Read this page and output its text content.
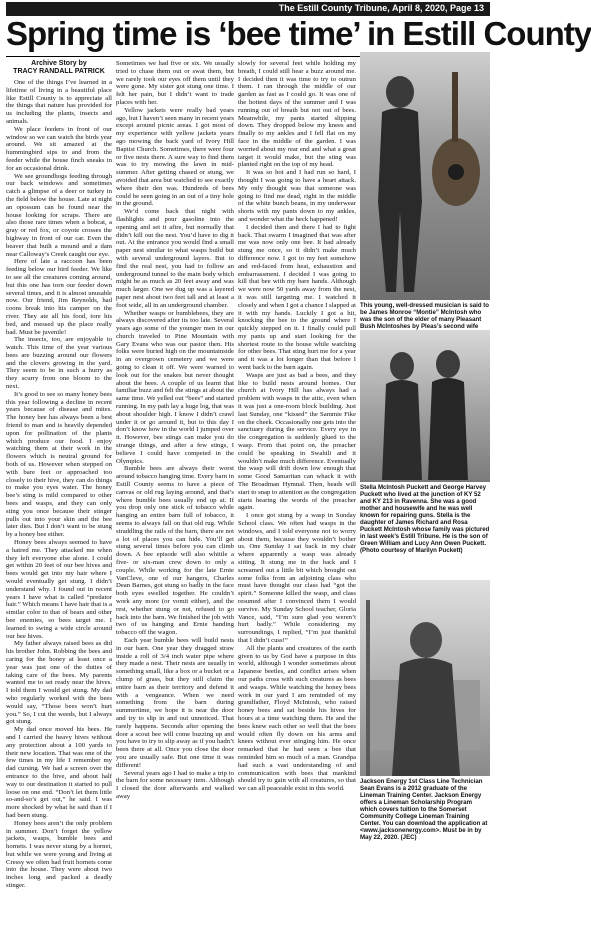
The Estill County Tribune, April 8, 2020, Page 13
Spring time is ‘bee time’ in Estill County
Archive Story by
TRACY RANDALL PATRICK

One of the things I’ve learned in a lifetime of living in a beautiful place like Estill County is to appreciate all the things that nature has provided for us including the plants, insects and animals.

We place feeders in front of our window so we can watch the birds year around. We sit amazed at the hummingbird sips to and from the feeder while the house finch sneaks in for an occasional drink.

We see groundhogs feeding through our back windows and sometimes catch a glimpse of a deer or turkey in the field below the house. Late at night an opossum can be found near the house looking for scraps. There are also those rare times when a bobcat, a gray or red fox, or coyote crosses the highway in front of our car. Even the beaver that built a mound and a dam near Calloway’s Creek caught our eye.

Here of late a raccoon has been feeding below our bird feeder. We like to see all the creatures coming around, but this one has torn our feeder down several times, and it is almost unusable now. Our friend, Jim Reynolds, had coons break into his camper on the river. They ate all his food, tore his bed, and messed up the place really bad. Must be juvenile!

The insects, too, are enjoyable to watch. This time of the year various bees are buzzing around our flowers and the clovers growing in the yard. They seem to be in such a hurry as they scurry from one bloom to the next.

It’s good to see so many honey bees this year following a decline in recent years because of disease and mites. The honey bee has always been a best friend to man and is heavily depended upon for pollination of the plants which produce our food. I enjoy watching them at their work in the flowers which is neutral ground for both of us. However when stepped on with bare feet or approached too closely to their hive, they can do things to make you eyes water. The honey bee’s sting is mild compared to other bees and wasps, and they can only sting you once because their stinger pulls out into your skin and the bee later dies. But I don’t want to be stung by a honey bee either.

Honey bees always seemed to have a hatred me. They attacked me when they left everyone else alone. I could get within 20 feet of our bee hives and bees would get into my hair where I would eventually get stung. I didn’t understand why. I found out in recent years I have what is called “predator hair.” Which means I have hair that is a similar color to that of bears and other bee enemies, so bees target me. I learned to swing a wide circle around our bee hives.

My father always raised bees as did his brother John. Robbing the bees and caring for the honey at least once a year was just one of the duties of taking care of the bees. My parents wanted me to set ready near the hives. I told them I would get stung. My dad who regularly worked with the bees would say, “Those bees won’t hurt you.” So, I cut the weeds, but I always got stung.

My dad once moved his bees. He and I carried the heavy hives without any protection about a 100 yards to their new location. That was one of the few times in my life I remember my dad cursing. We had a screen over the entrance to the hive, and about half way to our destination it started to pull loose on one end. “Don’t let them little so-and-so’s get out,” he said. I was more shocked by what he said than if I had been stung.

Honey bees aren’t the only problem in summer. Don’t forget the yellow jackets, wasps, bumble bees and hornets. I was never stung by a hornet, but while we were young and living at Cressy we often had fruit hornets come into the house. They were about two inches long and packed a deadly stinger.

Sometimes we had five or six. We usually tried to chase them out or swat them, but we rarely took our eyes off them until they were gone. My sister got stung one time. I felt her pain, but I didn’t want to trade places with her.

Yellow jackets were really bad years ago, but I haven’t seen many in recent years except around picnic areas. I got most of my experience with yellow jackets years ago mowing the back yard of Ivory Hill Baptist Church. Sometimes, there were four or five nests there. A sure way to find them was to try mowing the lawn in mid-summer. After getting chased or stung, we avoided that area but watched to see exactly where their den was. Hundreds of bees could be seen going in an out of a tiny hole in the ground.

We’d come back that night with flashlights and pour gasoline into the opening and set it afire, but normally that didn’t kill out the nest. You’d have to dig it out. At the entrance you would find a small paper nest similar to what wasps build but with several underground layers. But to find the real nest, you had to follow an underground tunnel to the main body which might be as much as 20 feet away and was much larger. One we dug up was a layered paper nest about two feet tall and at least a foot wide, all in an underground chamber.

Whether wasps or bumblebees, they are always discovered after its too late. Several years ago some of the younger men in our church traveled to Pine Mountain with Gary Evans who was our pastor then. His folks were buried high on the mountainside in an overgrown cemetery and we were going to clean it off. We were warned to look out for the snakes but never thought about the bees. A couple of us learnt that familiar buzz and felt the stings at about the same time. We yelled out “bees” and started running. In my path lay a huge log, that was about shoulder high. I know I didn’t crawl under it or go around it, but to this day I don’t know how in the world I jumped over it. However, bee stings can make you do strange things, and after a few stings, I believe I could have competed in the Olympics.

Bumble bees are always their worst around tobacco hanging time. Every barn in Estill County seems to have a piece of canvas or old rug laying around, and that’s where bumble bees usually end up at. If you drop only one stick of tobacco while hanging an entire barn full of tobacco, it seems to always fall on that old rug. While straddling the rails of the barn, there are not a lot of places you can hide. You’ll get stung several times before you can climb down. A bee episode will also whittle a five- or six-man crew down to only a couple. While working for the late Ernie VanCleve, one of our hangers, Charles Dean Barnes, got stung so badly in the face both eyes swelled together. He couldn’t work any more (or vomit either), and the rest, whether stung or not, refused to go back into the barn. We finished the job with two of us hanging and Ernie handing tobacco off the wagon.

Each year bumble bees will build nests in our barn. One year they dragged straw inside a roll of 3/4 inch water pipe where they made a nest. Their nests are usually in something small, like a box or a bucket or a clump of grass, but they still claim the entire barn as their territory and defend it with a vengeance. When we need something from the barn during summertime, we hope it is near the door and try to slip in and out unnoticed. That rarely happens. Seconds after opening the door a scout bee will come buzzing up and you have to try to slip away as if you hadn’t been there at all. Once you close the door you are usually safe. But one time it was different!

Several years ago I had to make a trip to the barn for some necessary item. Although I closed the door afterwards and walked away

slowly for several feet while holding my breath, I could still hear a buzz around me. I decided then it was time to try to outrun them. I ran through the middle of our garden as fast as I could go. It was one of the hottest days of the summer and I was running out of breath but not out of bees. Meanwhile, my pants started slipping down. They dropped below my knees and finally to my ankles and I fell flat on my face in the middle of the garden. I was worried about my rear end and what a great target it would make, but the sting was planted right on the top of my head.

It was so hot and I had run so hard, I thought I was going to have a heart attack. My only thought was that someone was going to find me dead, right in the middle of the white bunch beans, in my underwear shorts with my pants down to my ankles, and wonder what the heck happened!

I decided then and there I had to fight back. That swarm I imagined that was after me was now only one bee. It had already stung me once, so it didn’t make much difference now. I got to my feet somehow and red-faced from heat, exhaustion and embarrassment. I decided I was going to kill that bee with my bare hands. Although we were now 50 yards away from the nest, it was still targeting me. I watched it closely and when I got a chance I slapped at it with my hands. Luckily I got a hit, knocking the bee to the ground where I quickly stepped on it. I finally could pull my pants up and start looking for the shortest route to the house while watching for other bees. That sting hurt me for a year and it was a lot longer than that before I went back to the barn again.

Wasps are just as bad a bees, and they like to build nests around homes. Our church at Ivory Hill has always had a problem with wasps in the attic, even when it was just a one-room block building. Just last Sunday, one “kissed” the Sammie Fike on the cheek. Occasionally one gets into the sanctuary during the service. Every eye in the congregation is suddenly glued to the wasp. From that point on, the preacher could be speaking in Swahili and it wouldn’t make much difference. Eventually the wasp will drift down low enough that some Good Samaritan can whack it with The Broadman Hymnal. Then, heads will start to snap to attention as the congregation starts hearing the words of the preacher again.

I once got stung by a wasp in Sunday School class. We often had wasps in the windows, and I told everyone not to worry about them, because they wouldn’t bother us. One Sunday I sat back in my chair where apparently a wasp was already sitting. It stung me in the back and I screamed out a little bit which brought out some folks from an adjoining class who must have thought our class had “got the spirit.” Someone killed the wasp, and class resumed after I convinced them I would survive. My Sunday School teacher, Gloria Vance, said, “I’m sure glad you weren’t hurt badly.” While considering my surroundings, I replied, “I’m just thankful that I didn’t cuss!”

All the plants and creatures of the earth given to us by God have a purpose in this world, although I wonder sometimes about Japanese beetles, and conflict arises when our paths cross with such creatures as bees and wasps. While watching the honey bees work in our yard I am reminded of my grandfather, Floyd McIntosh, who raised honey bees and sat beside his hives for hours at a time watching them. He and the bees knew each other so well that the bees would often fly down on his arms and knees without ever stinging him. He once remarked that he had seen a bee that reminded him so much of a man. Grandpa had such a vast understanding of and communication with bees that mankind should try to gain with all creatures, so that we can all peaceable exist in this world.

This young, well-dressed musician is said to be James Monroe “Montie” McIntosh who was the son of the elder of many Pleasant Bush McIntoshes by Pleas’s second wife
Stella McIntosh Puckett and George Harvey Puckett who lived at the junction of KY 52 and KY 213 in Ravenna. She was a good mother and housewife and he was well known for repairing guns. Stella is the daughter of James Richard and Rosa Puckett McIntosh whose family was pictured in last week’s Estill Tribune. He is the son of Green William and Lucy Ann Owen Puckett. (Photo courtesy of Marilyn Puckett)
Jackson Energy 1st Class Line Technician Sean Evans is a 2012 graduate of the Lineman Training Center. Jackson Energy offers a Lineman Scholarship Program which covers tuition to the Somerset Community College Lineman Training Center. You can download the application at <www.jacksonenergy.com>. Must be in by May 22, 2020. (JEC)
